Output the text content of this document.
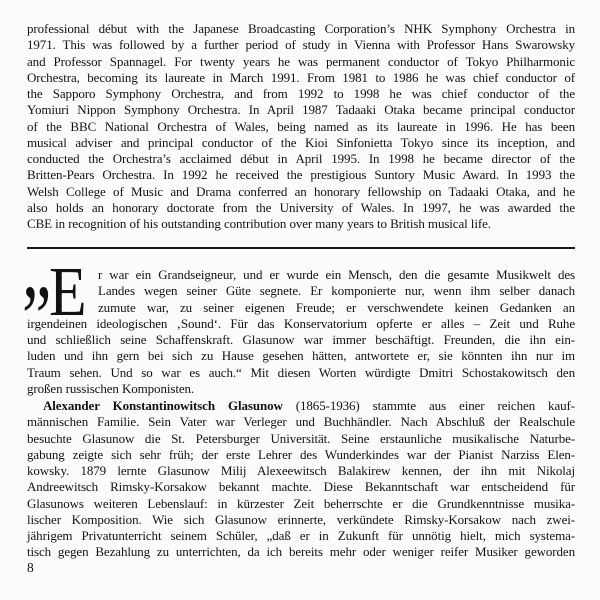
professional début with the Japanese Broadcasting Corporation’s NHK Symphony Orchestra in
1971. This was followed by a further period of study in Vienna with Professor Hans Swarowsky
and Professor Spannagel. For twenty years he was permanent conductor of Tokyo Philharmonic
Orchestra, becoming its laureate in March 1991. From 1981 to 1986 he was chief conductor of
the Sapporo Symphony Orchestra, and from 1992 to 1998 he was chief conductor of the
Yomiuri Nippon Symphony Orchestra. In April 1987 Tadaaki Otaka became principal conductor
of the BBC National Orchestra of Wales, being named as its laureate in 1996. He has been
musical adviser and principal conductor of the Kioi Sinfonietta Tokyo since its inception, and
conducted the Orchestra’s acclaimed début in April 1995. In 1998 he became director of the
Britten-Pears Orchestra. In 1992 he received the prestigious Suntory Music Award. In 1993 the
Welsh College of Music and Drama conferred an honorary fellowship on Tadaaki Otaka, and he
also holds an honorary doctorate from the University of Wales. In 1997, he was awarded the
CBE in recognition of his outstanding contribution over many years to British musical life.
„
E r war ein Grandseigneur, und er wurde ein Mensch, den die gesamte Musikwelt des
Landes wegen seiner Güte segnete. Er komponierte nur, wenn ihm selber danach
zumute war, zu seiner eigenen Freude; er verschwendete keinen Gedanken an
irgendeinen ideologischen ‚Sound‘. Für das Konservatorium opferte er alles – Zeit und Ruhe
und schließlich seine Schaffenskraft. Glasunow war immer beschäftigt. Freunden, die ihn ein-
luden und ihn gern bei sich zu Hause gesehen hätten, antwortete er, sie könnten ihn nur im
Traum sehen. Und so war es auch.“ Mit diesen Worten würdigte Dmitri Schostakowitsch den
großen russischen Komponisten.
Alexander Konstantinowitsch Glasunow (1865-1936) stammte aus einer reichen kauf-
männischen Familie. Sein Vater war Verleger und Buchhändler. Nach Abschluß der Realschule
besuchte Glasunow die St. Petersburger Universität. Seine erstaunliche musikalische Naturbe-
gabung zeigte sich sehr früh; der erste Lehrer des Wunderkindes war der Pianist Narziss Elen-
kowsky. 1879 lernte Glasunow Milij Alexeewitsch Balakirew kennen, der ihn mit Nikolaj
Andreewitsch Rimsky-Korsakow bekannt machte. Diese Bekanntschaft war entscheidend für
Glasunows weiteren Lebenslauf: in kürzester Zeit beherrschte er die Grundkenntnisse musika-
lischer Komposition. Wie sich Glasunow erinnerte, verkündete Rimsky-Korsakow nach zwei-
jährigem Privatunterricht seinem Schüler, „daß er in Zukunft für unnötig hielt, mich systema-
tisch gegen Bezahlung zu unterrichten, da ich bereits mehr oder weniger reifer Musiker geworden
8
